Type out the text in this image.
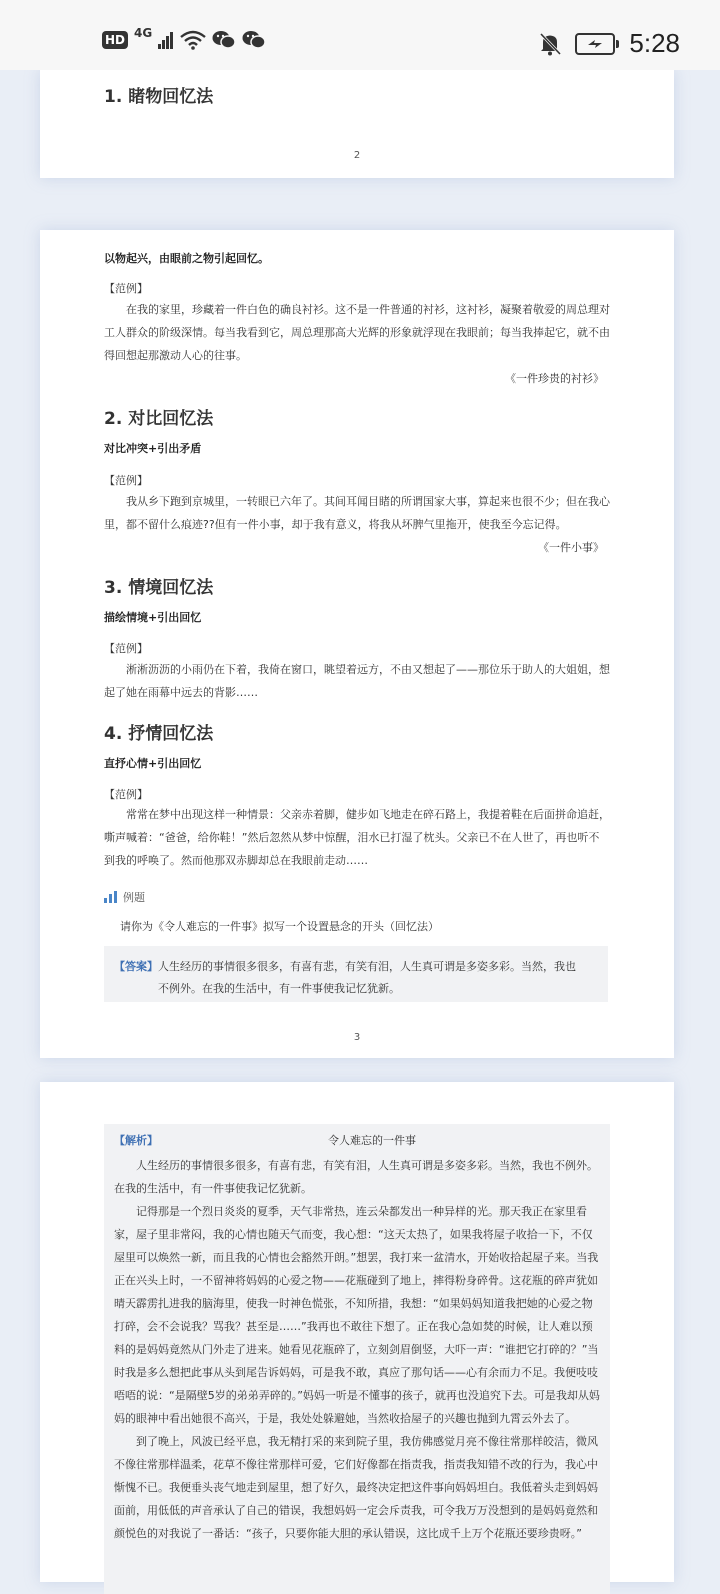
HD 4G	5:28
1. 睹物回忆法
2
以物起兴，由眼前之物引起回忆。
【范例】

在我的家里，珍藏着一件白色的确良衬衫。这不是一件普通的衬衫，这衬衫，凝聚着敬爱的周总理对工人群众的阶级深情。每当我看到它，周总理那高大光辉的形象就浮现在我眼前；每当我捧起它，就不由得回想起那激动人心的往事。

《一件珍贵的衬衫》
2. 对比回忆法
对比冲突+引出矛盾
【范例】

我从乡下跑到京城里，一转眼已六年了。其间耳闻目睹的所谓国家大事，算起来也很不少；但在我心里，都不留什么痕迹??但有一件小事，却于我有意义，将我从坏脾气里拖开，使我至今忘记得。

《一件小事》
3. 情境回忆法
描绘情境+引出回忆
【范例】

淅淅沥沥的小雨仍在下着，我倚在窗口，眺望着远方，不由又想起了——那位乐于助人的大姐姐，想起了她在雨幕中远去的背影……

4. 抒情回忆法
直抒心情+引出回忆
【范例】

常常在梦中出现这样一种情景：父亲赤着脚，健步如飞地走在碎石路上，我提着鞋在后面拼命追赶，嘶声喊着：“爸爸，给你鞋！”然后忽然从梦中惊醒，泪水已打湿了枕头。父亲已不在人世了，再也听不到我的呼唤了。然而他那双赤脚却总在我眼前走动……

例题
请你为《令人难忘的一件事》拟写一个设置悬念的开头（回忆法）
【答案】人生经历的事情很多很多，有喜有悲，有笑有泪，人生真可谓是多姿多彩。当然，我也
不例外。在我的生活中，有一件事使我记忆犹新。
3
【解析】	令人难忘的一件事

人生经历的事情很多很多，有喜有悲，有笑有泪，人生真可谓是多姿多彩。当然，我也不例外。在我的生活中，有一件事使我记忆犹新。

记得那是一个烈日炎炎的夏季，天气非常热，连云朵都发出一种异样的光。那天我正在家里看家，屋子里非常闷，我的心情也随天气而变，我心想：“这天太热了，如果我将屋子收拾一下，不仅屋里可以焕然一新，而且我的心情也会豁然开朗。”想罢，我打来一盆清水，开始收拾起屋子来。当我正在兴头上时，一不留神将妈妈的心爱之物——花瓶碰到了地上，摔得粉身碎骨。这花瓶的碎声犹如晴天霹雳扎进我的脑海里，使我一时神色慌张，不知所措，我想：“如果妈妈知道我把她的心爱之物打碎，会不会说我？骂我？甚至是……”我再也不敢往下想了。正在我心急如焚的时候，让人难以预料的是妈妈竟然从门外走了进来。她看见花瓶碎了，立刻剑眉倒竖，大吓一声：“谁把它打碎的？”当时我是多么想把此事从头到尾告诉妈妈，可是我不敢，真应了那句话——心有余而力不足。我便吱吱唔唔的说：“是隔壁5岁的弟弟弄碎的。”妈妈一听是不懂事的孩子，就再也没追究下去。可是我却从妈妈的眼神中看出她很不高兴，于是，我处处躲避她，当然收拾屋子的兴趣也抛到九霄云外去了。

到了晚上，风波已经平息，我无精打采的来到院子里，我仿佛感觉月亮不像往常那样皎洁，微风不像往常那样温柔，花草不像往常那样可爱，它们好像都在指责我，指责我知错不改的行为，我心中惭愧不已。我便垂头丧气地走到屋里，想了好久，最终决定把这件事向妈妈坦白。我低着头走到妈妈面前，用低低的声音承认了自己的错误，我想妈妈一定会斥责我，可令我万万没想到的是妈妈竟然和颜悦色的对我说了一番话：“孩子，只要你能大胆的承认错误，这比成千上万个花瓶还要珍贵呀。”
